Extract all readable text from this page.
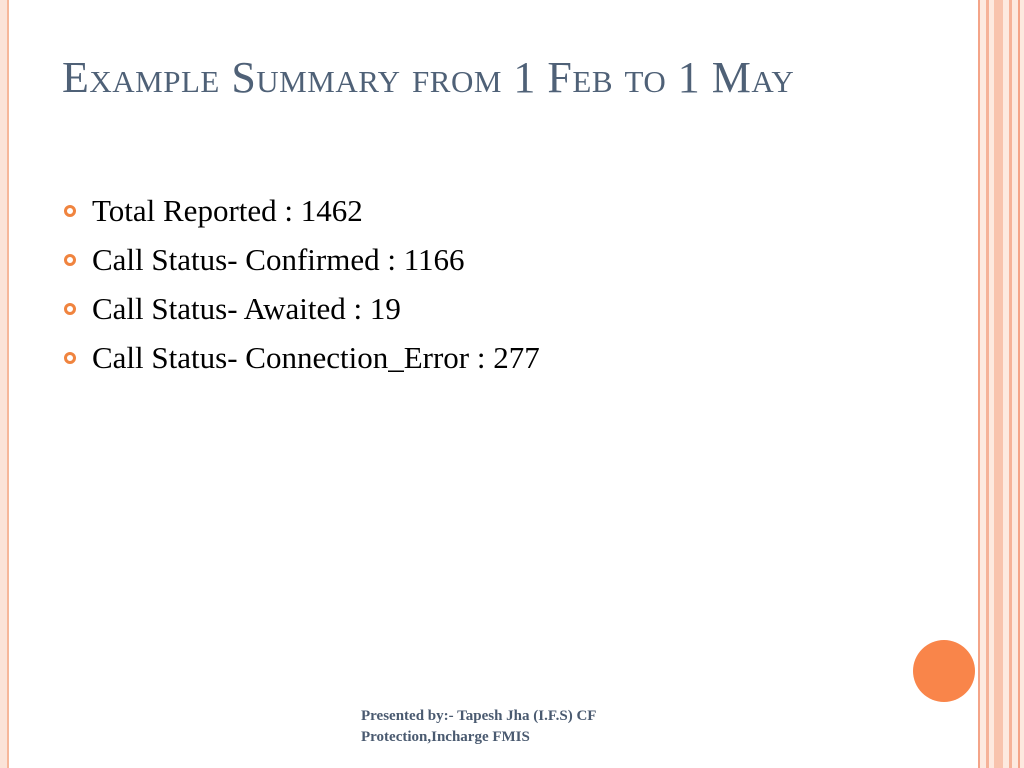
Example Summary from 1 Feb to 1 May
Total Reported : 1462
Call Status- Confirmed : 1166
Call Status- Awaited : 19
Call Status- Connection_Error : 277
Presented by:- Tapesh Jha (I.F.S) CF
Protection,Incharge FMIS
